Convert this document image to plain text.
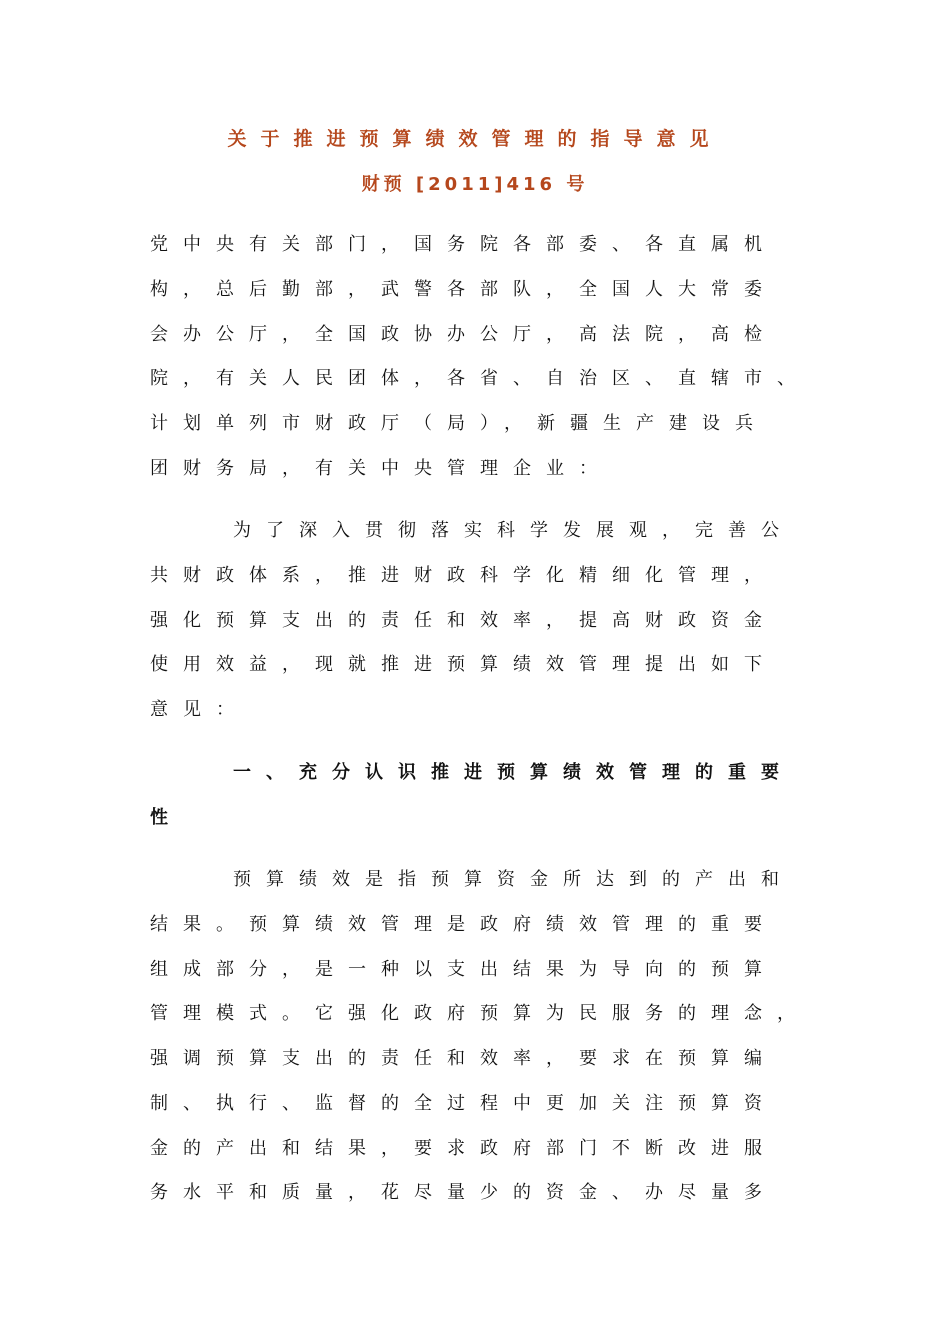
关于推进预算绩效管理的指导意见
财预 [2011]416 号
党中央有关部门，国务院各部委、各直属机
构，总后勤部，武警各部队，全国人大常委
会办公厅，全国政协办公厅，高法院，高检
院，有关人民团体，各省、自治区、直辖市、
计划单列市财政厅（局），新疆生产建设兵
团财务局，有关中央管理企业：
为了深入贯彻落实科学发展观，完善公
共财政体系，推进财政科学化精细化管理，
强化预算支出的责任和效率，提高财政资金
使用效益，现就推进预算绩效管理提出如下
意见：
一、充分认识推进预算绩效管理的重要
性
预算绩效是指预算资金所达到的产出和
结果。预算绩效管理是政府绩效管理的重要
组成部分，是一种以支出结果为导向的预算
管理模式。它强化政府预算为民服务的理念，
强调预算支出的责任和效率，要求在预算编
制、执行、监督的全过程中更加关注预算资
金的产出和结果，要求政府部门不断改进服
务水平和质量，花尽量少的资金、办尽量多
